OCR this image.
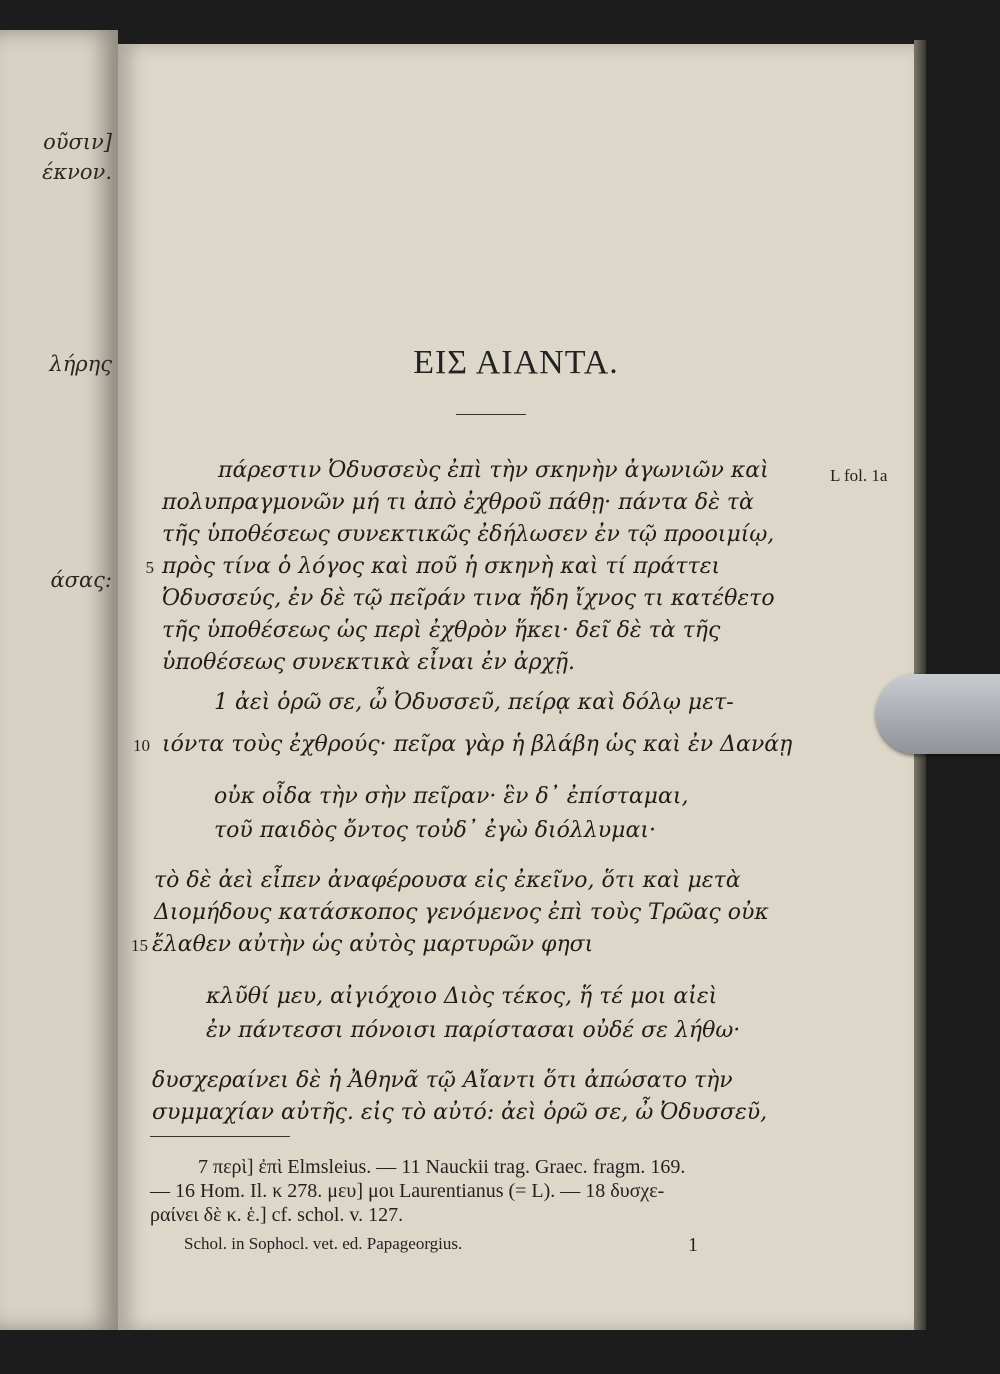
οῦσιν]
έκνον.
λήρης
άσας:
ΕΙΣ ΑΙΑΝΤΑ.
L fol. 1a
πάρεστιν Ὀδυσσεὺς ἐπὶ τὴν σκηνὴν ἀγωνιῶν καὶ
πολυπραγμονῶν μή τι ἀπὸ ἐχθροῦ πάθῃ· πάντα δὲ τὰ
τῆς ὑποθέσεως συνεκτικῶς ἐδήλωσεν ἐν τῷ προοιμίῳ,
5 πρὸς τίνα ὁ λόγος καὶ ποῦ ἡ σκηνὴ καὶ τί πράττει
Ὀδυσσεύς, ἐν δὲ τῷ πεῖράν τινα ἤδη ἴχνος τι κατέθετο
τῆς ὑποθέσεως ὡς περὶ ἐχθρὸν ἥκει· δεῖ δὲ τὰ τῆς
ὑποθέσεως συνεκτικὰ εἶναι ἐν ἀρχῇ.
1 ἀεὶ ὁρῶ σε, ὦ Ὀδυσσεῦ, πείρᾳ καὶ δόλῳ μετ-
10 ιόντα τοὺς ἐχθρούς· πεῖρα γὰρ ἡ βλάβη ὡς καὶ ἐν Δανάῃ
οὐκ οἶδα τὴν σὴν πεῖραν· ἓν δ᾽ ἐπίσταμαι,
τοῦ παιδὸς ὄντος τοὐδ᾽ ἐγὼ διόλλυμαι·
τὸ δὲ ἀεὶ εἶπεν ἀναφέρουσα εἰς ἐκεῖνο, ὅτι καὶ μετὰ
Διομήδους κατάσκοπος γενόμενος ἐπὶ τοὺς Τρῶας οὐκ
15 ἔλαθεν αὐτὴν ὡς αὐτὸς μαρτυρῶν φησι
κλῦθί μευ, αἰγιόχοιο Διὸς τέκος, ἥ τέ μοι αἰεὶ
ἐν πάντεσσι πόνοισι παρίστασαι οὐδέ σε λήθω·
δυσχεραίνει δὲ ἡ Ἀθηνᾶ τῷ Αἴαντι ὅτι ἀπώσατο τὴν
συμμαχίαν αὐτῆς. εἰς τὸ αὐτό: ἀεὶ ὁρῶ σε, ὦ Ὀδυσσεῦ,
7 περὶ] ἐπὶ Elmsleius. — 11 Nauckii trag. Graec. fragm. 169.
— 16 Hom. Il. κ 278. μευ] μοι Laurentianus (= L). — 18 δυσχε-
ραίνει δὲ κ. ἑ.] cf. schol. v. 127.
Schol. in Sophocl. vet. ed. Papageorgius.	1
